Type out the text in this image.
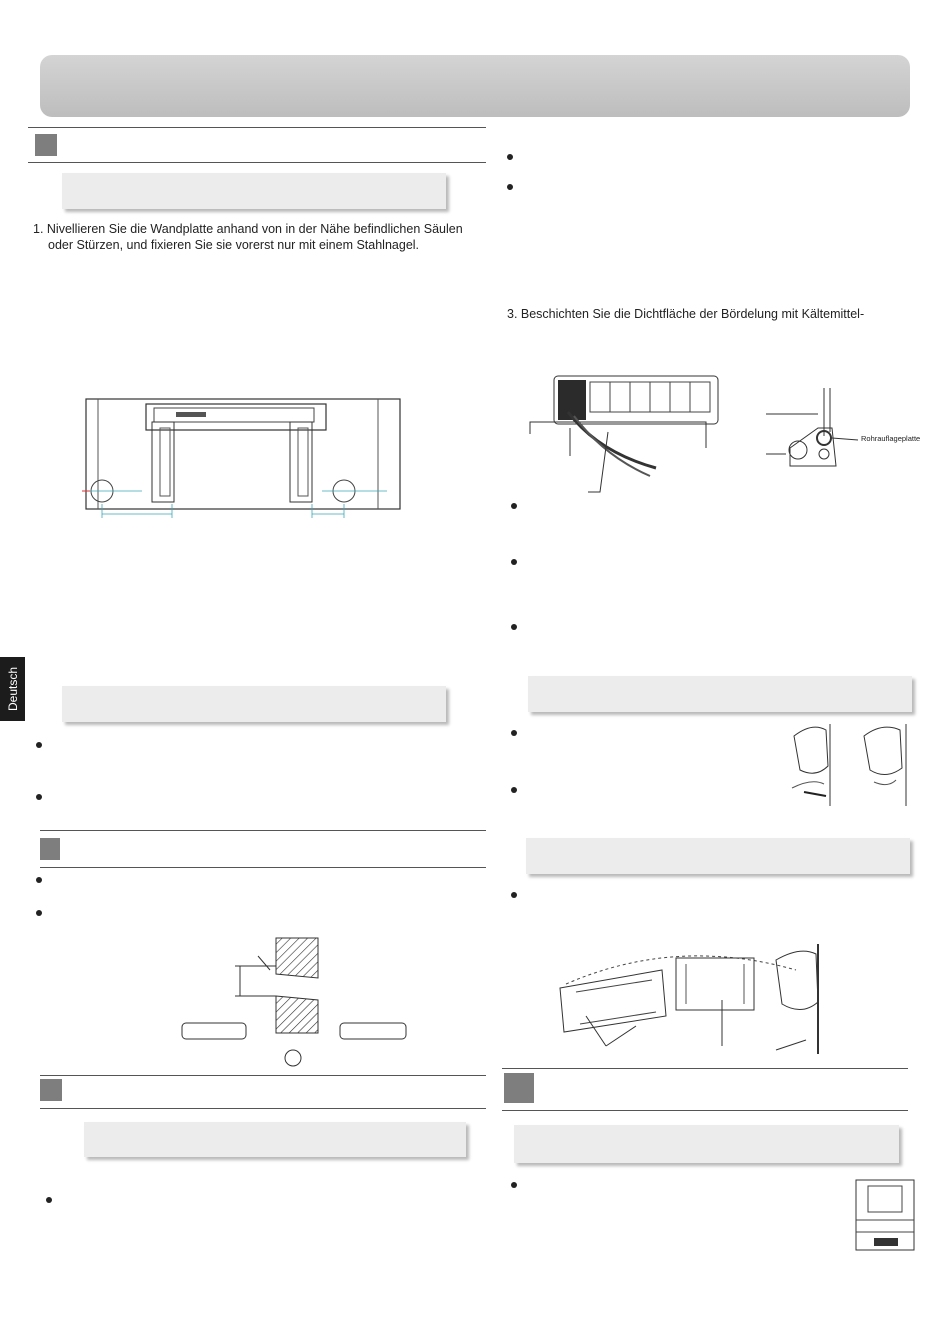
Deutsch
1. Nivellieren Sie die Wandplatte anhand von in der Nähe befindlichen Säulen
oder Stürzen, und fixieren Sie sie vorerst nur mit einem Stahlnagel.
3. Beschichten Sie die Dichtfläche der Bördelung mit Kältemittel-
Rohrauflageplatte
